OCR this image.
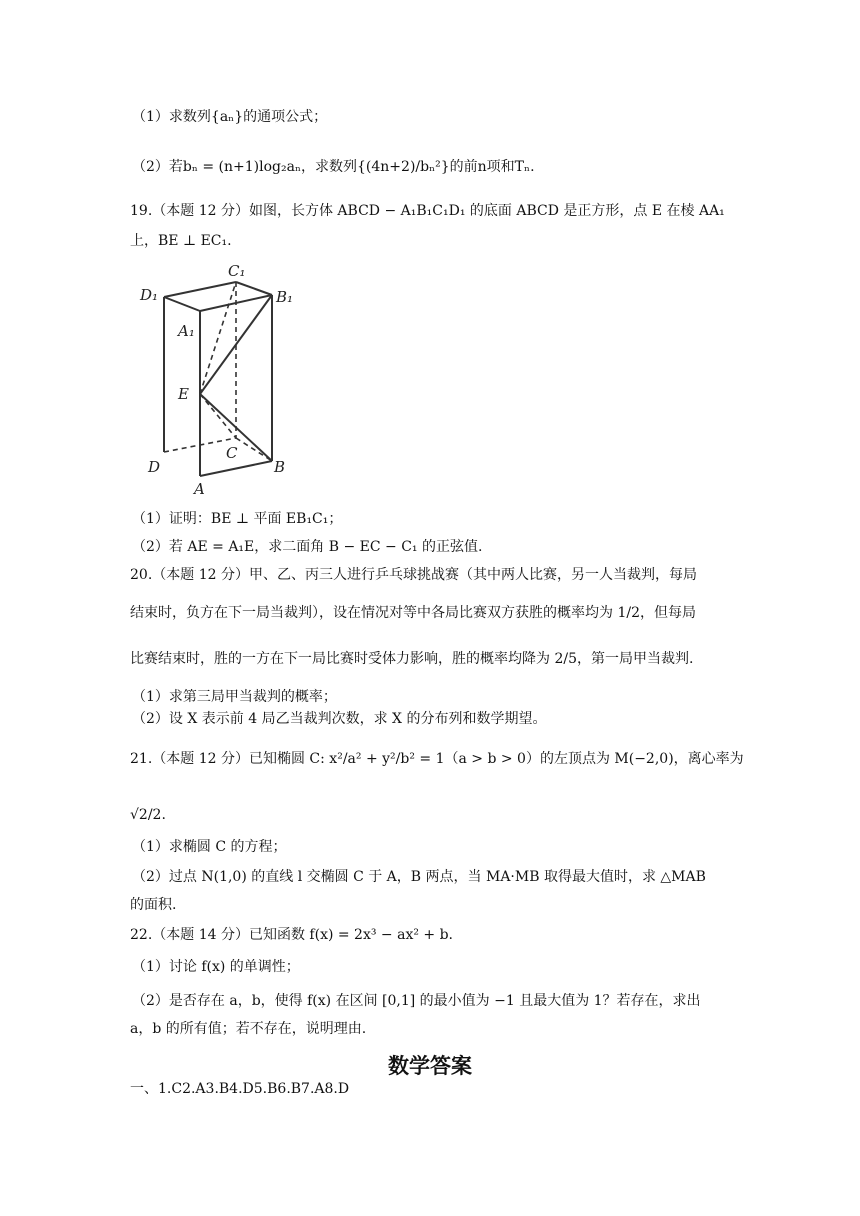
（1）求数列{aₙ}的通项公式；
（2）若bₙ = (n+1)log₂aₙ，求数列{(4n+2)/bₙ²}的前n项和Tₙ.
19.（本题 12 分）如图，长方体 ABCD − A₁B₁C₁D₁ 的底面 ABCD 是正方形，点 E 在棱 AA₁
上，BE ⊥ EC₁.
C₁
D₁	B₁
A₁
E
C
D	B
A
（1）证明：BE ⊥ 平面 EB₁C₁；
（2）若 AE = A₁E，求二面角 B − EC − C₁ 的正弦值.
20.（本题 12 分）甲、乙、丙三人进行乒乓球挑战赛（其中两人比赛，另一人当裁判，每局
结束时，负方在下一局当裁判），设在情况对等中各局比赛双方获胜的概率均为 1/2，但每局
比赛结束时，胜的一方在下一局比赛时受体力影响，胜的概率均降为 2/5，第一局甲当裁判.
（1）求第三局甲当裁判的概率；
（2）设 X 表示前 4 局乙当裁判次数，求 X 的分布列和数学期望。
21.（本题 12 分）已知椭圆 C: x²/a² + y²/b² = 1（a > b > 0）的左顶点为 M(−2,0)，离心率为
√2/2.
（1）求椭圆 C 的方程；
（2）过点 N(1,0) 的直线 l 交椭圆 C 于 A，B 两点，当 MA·MB 取得最大值时，求 △MAB
的面积.
22.（本题 14 分）已知函数 f(x) = 2x³ − ax² + b.
（1）讨论 f(x) 的单调性；
（2）是否存在 a，b，使得 f(x) 在区间 [0,1] 的最小值为 −1 且最大值为 1？若存在，求出
a，b 的所有值；若不存在，说明理由.
数学答案
一、1.C2.A3.B4.D5.B6.B7.A8.D
